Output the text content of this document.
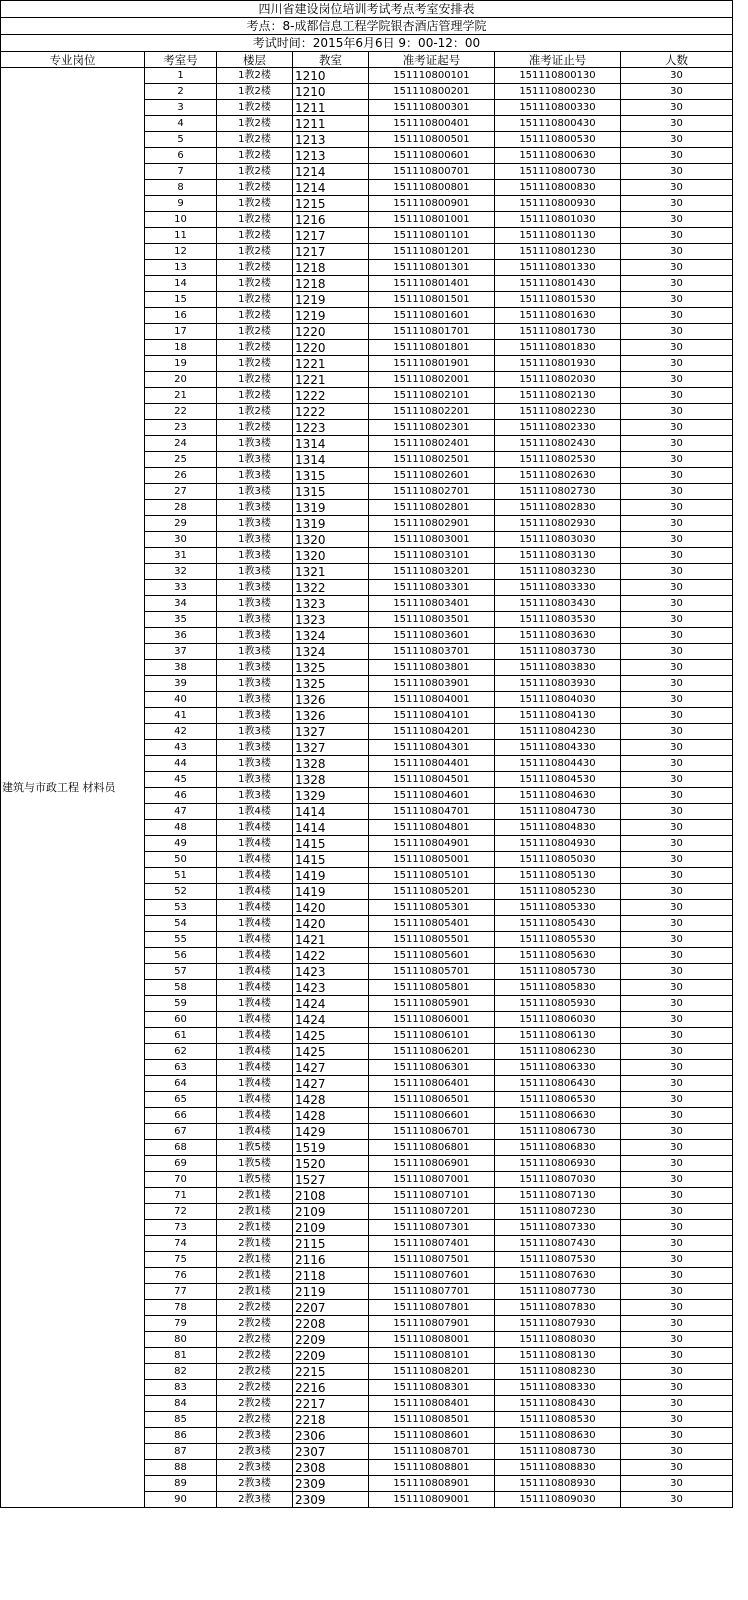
四川省建设岗位培训考试考点考室安排表						
考点：8-成都信息工程学院银杏酒店管理学院						
考试时间：2015年6月6日 9：00-12：00						
专业岗位	考室号	楼层	教室	准考证起号	准考证止号	人数
建筑与市政工程 材料员	1	1教2楼	1210	151110800101	151110800130	30
	2	1教2楼	1210	151110800201	151110800230	30
	3	1教2楼	1211	151110800301	151110800330	30
	4	1教2楼	1211	151110800401	151110800430	30
	5	1教2楼	1213	151110800501	151110800530	30
	6	1教2楼	1213	151110800601	151110800630	30
	7	1教2楼	1214	151110800701	151110800730	30
	8	1教2楼	1214	151110800801	151110800830	30
	9	1教2楼	1215	151110800901	151110800930	30
	10	1教2楼	1216	151110801001	151110801030	30
	11	1教2楼	1217	151110801101	151110801130	30
	12	1教2楼	1217	151110801201	151110801230	30
	13	1教2楼	1218	151110801301	151110801330	30
	14	1教2楼	1218	151110801401	151110801430	30
	15	1教2楼	1219	151110801501	151110801530	30
	16	1教2楼	1219	151110801601	151110801630	30
	17	1教2楼	1220	151110801701	151110801730	30
	18	1教2楼	1220	151110801801	151110801830	30
	19	1教2楼	1221	151110801901	151110801930	30
	20	1教2楼	1221	151110802001	151110802030	30
	21	1教2楼	1222	151110802101	151110802130	30
	22	1教2楼	1222	151110802201	151110802230	30
	23	1教2楼	1223	151110802301	151110802330	30
	24	1教3楼	1314	151110802401	151110802430	30
	25	1教3楼	1314	151110802501	151110802530	30
	26	1教3楼	1315	151110802601	151110802630	30
	27	1教3楼	1315	151110802701	151110802730	30
	28	1教3楼	1319	151110802801	151110802830	30
	29	1教3楼	1319	151110802901	151110802930	30
	30	1教3楼	1320	151110803001	151110803030	30
	31	1教3楼	1320	151110803101	151110803130	30
	32	1教3楼	1321	151110803201	151110803230	30
	33	1教3楼	1322	151110803301	151110803330	30
	34	1教3楼	1323	151110803401	151110803430	30
	35	1教3楼	1323	151110803501	151110803530	30
	36	1教3楼	1324	151110803601	151110803630	30
	37	1教3楼	1324	151110803701	151110803730	30
	38	1教3楼	1325	151110803801	151110803830	30
	39	1教3楼	1325	151110803901	151110803930	30
	40	1教3楼	1326	151110804001	151110804030	30
	41	1教3楼	1326	151110804101	151110804130	30
	42	1教3楼	1327	151110804201	151110804230	30
	43	1教3楼	1327	151110804301	151110804330	30
	44	1教3楼	1328	151110804401	151110804430	30
	45	1教3楼	1328	151110804501	151110804530	30
	46	1教3楼	1329	151110804601	151110804630	30
	47	1教4楼	1414	151110804701	151110804730	30
	48	1教4楼	1414	151110804801	151110804830	30
	49	1教4楼	1415	151110804901	151110804930	30
	50	1教4楼	1415	151110805001	151110805030	30
	51	1教4楼	1419	151110805101	151110805130	30
	52	1教4楼	1419	151110805201	151110805230	30
	53	1教4楼	1420	151110805301	151110805330	30
	54	1教4楼	1420	151110805401	151110805430	30
	55	1教4楼	1421	151110805501	151110805530	30
	56	1教4楼	1422	151110805601	151110805630	30
	57	1教4楼	1423	151110805701	151110805730	30
	58	1教4楼	1423	151110805801	151110805830	30
	59	1教4楼	1424	151110805901	151110805930	30
	60	1教4楼	1424	151110806001	151110806030	30
	61	1教4楼	1425	151110806101	151110806130	30
	62	1教4楼	1425	151110806201	151110806230	30
	63	1教4楼	1427	151110806301	151110806330	30
	64	1教4楼	1427	151110806401	151110806430	30
	65	1教4楼	1428	151110806501	151110806530	30
	66	1教4楼	1428	151110806601	151110806630	30
	67	1教4楼	1429	151110806701	151110806730	30
	68	1教5楼	1519	151110806801	151110806830	30
	69	1教5楼	1520	151110806901	151110806930	30
	70	1教5楼	1527	151110807001	151110807030	30
	71	2教1楼	2108	151110807101	151110807130	30
	72	2教1楼	2109	151110807201	151110807230	30
	73	2教1楼	2109	151110807301	151110807330	30
	74	2教1楼	2115	151110807401	151110807430	30
	75	2教1楼	2116	151110807501	151110807530	30
	76	2教1楼	2118	151110807601	151110807630	30
	77	2教1楼	2119	151110807701	151110807730	30
	78	2教2楼	2207	151110807801	151110807830	30
	79	2教2楼	2208	151110807901	151110807930	30
	80	2教2楼	2209	151110808001	151110808030	30
	81	2教2楼	2209	151110808101	151110808130	30
	82	2教2楼	2215	151110808201	151110808230	30
	83	2教2楼	2216	151110808301	151110808330	30
	84	2教2楼	2217	151110808401	151110808430	30
	85	2教2楼	2218	151110808501	151110808530	30
	86	2教3楼	2306	151110808601	151110808630	30
	87	2教3楼	2307	151110808701	151110808730	30
	88	2教3楼	2308	151110808801	151110808830	30
	89	2教3楼	2309	151110808901	151110808930	30
	90	2教3楼	2309	151110809001	151110809030	30
